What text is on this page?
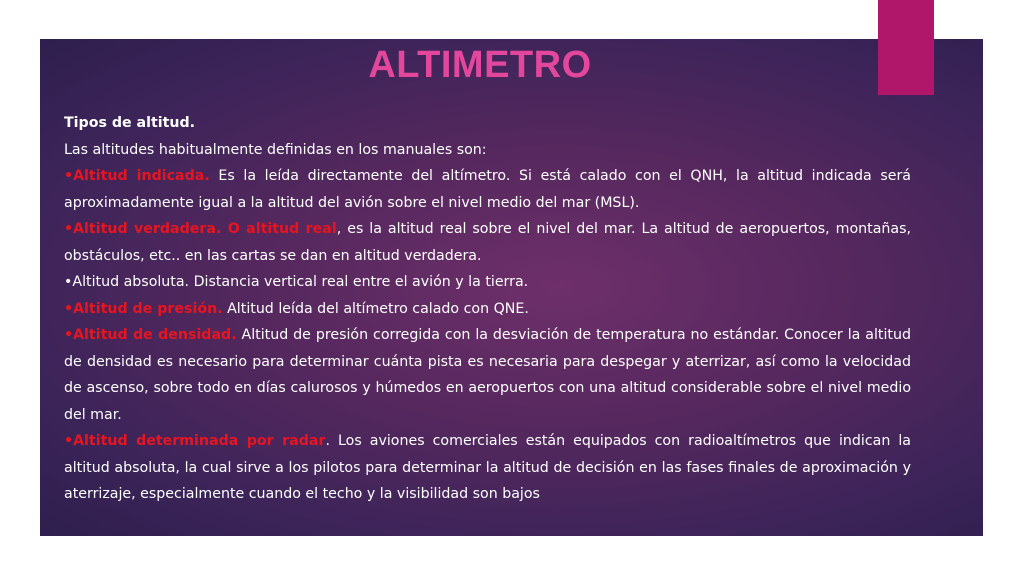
ALTIMETRO

Tipos de altitud.

Las altitudes habitualmente definidas en los manuales son:

•Altitud indicada. Es la leída directamente del altímetro. Si está calado con el QNH, la altitud indicada será aproximadamente igual a la altitud del avión sobre el nivel medio del mar (MSL).

•Altitud verdadera. O altitud real, es la altitud real sobre el nivel del mar. La altitud de aeropuertos, montañas, obstáculos, etc.. en las cartas se dan en altitud verdadera.

•Altitud absoluta. Distancia vertical real entre el avión y la tierra.

•Altitud de presión. Altitud leída del altímetro calado con QNE.

•Altitud de densidad. Altitud de presión corregida con la desviación de temperatura no estándar. Conocer la altitud de densidad es necesario para determinar cuánta pista es necesaria para despegar y aterrizar, así como la velocidad de ascenso, sobre todo en días calurosos y húmedos en aeropuertos con una altitud considerable sobre el nivel medio del mar.

•Altitud determinada por radar. Los aviones comerciales están equipados con radioaltímetros que indican la altitud absoluta, la cual sirve a los pilotos para determinar la altitud de decisión en las fases finales de aproximación y aterrizaje, especialmente cuando el techo y la visibilidad son bajos
